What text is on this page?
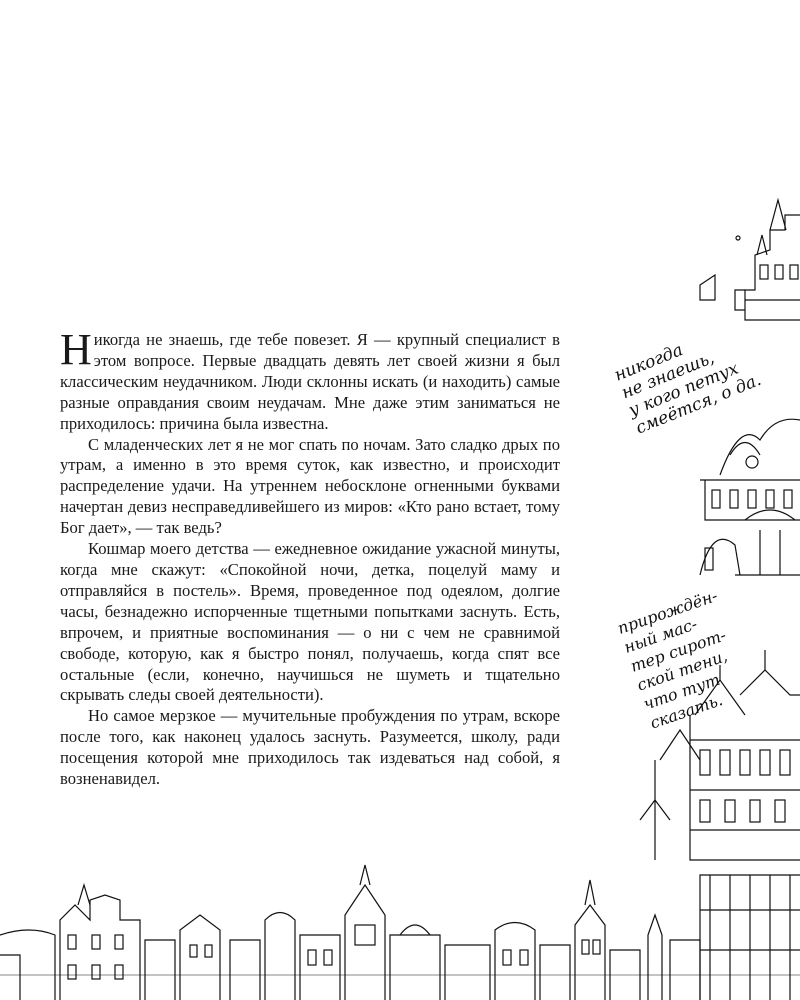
Никогда не знаешь, где тебе повезет. Я — крупный специалист в этом вопросе. Первые двадцать девять лет своей жизни я был классическим неудачником. Люди склонны искать (и находить) самые разные оправдания своим неудачам. Мне даже этим заниматься не приходилось: причина была известна.

С младенческих лет я не мог спать по ночам. Зато сладко дрых по утрам, а именно в это время суток, как известно, и происходит распределение удачи. На утреннем небосклоне огненными буквами начертан девиз несправедливейшего из миров: «Кто рано встает, тому Бог дает», — так ведь?

Кошмар моего детства — ежедневное ожидание ужасной минуты, когда мне скажут: «Спокойной ночи, детка, поцелуй маму и отправляйся в постель». Время, проведенное под одеялом, долгие часы, безнадежно испорченные тщетными попытками заснуть. Есть, впрочем, и приятные воспоминания — о ни с чем не сравнимой свободе, которую, как я быстро понял, получаешь, когда спят все остальные (если, конечно, научишься не шуметь и тщательно скрывать следы своей деятельности).

Но самое мерзкое — мучительные пробуждения по утрам, вскоре после того, как наконец удалось заснуть. Разумеется, школу, ради посещения которой мне приходилось так издеваться над собой, я возненавидел.

никогда
не знаешь,
у кого петух
смеётся, о да.
прирождён-
ный мас-
тер сирот-
ской тени,
что тут
сказать.
